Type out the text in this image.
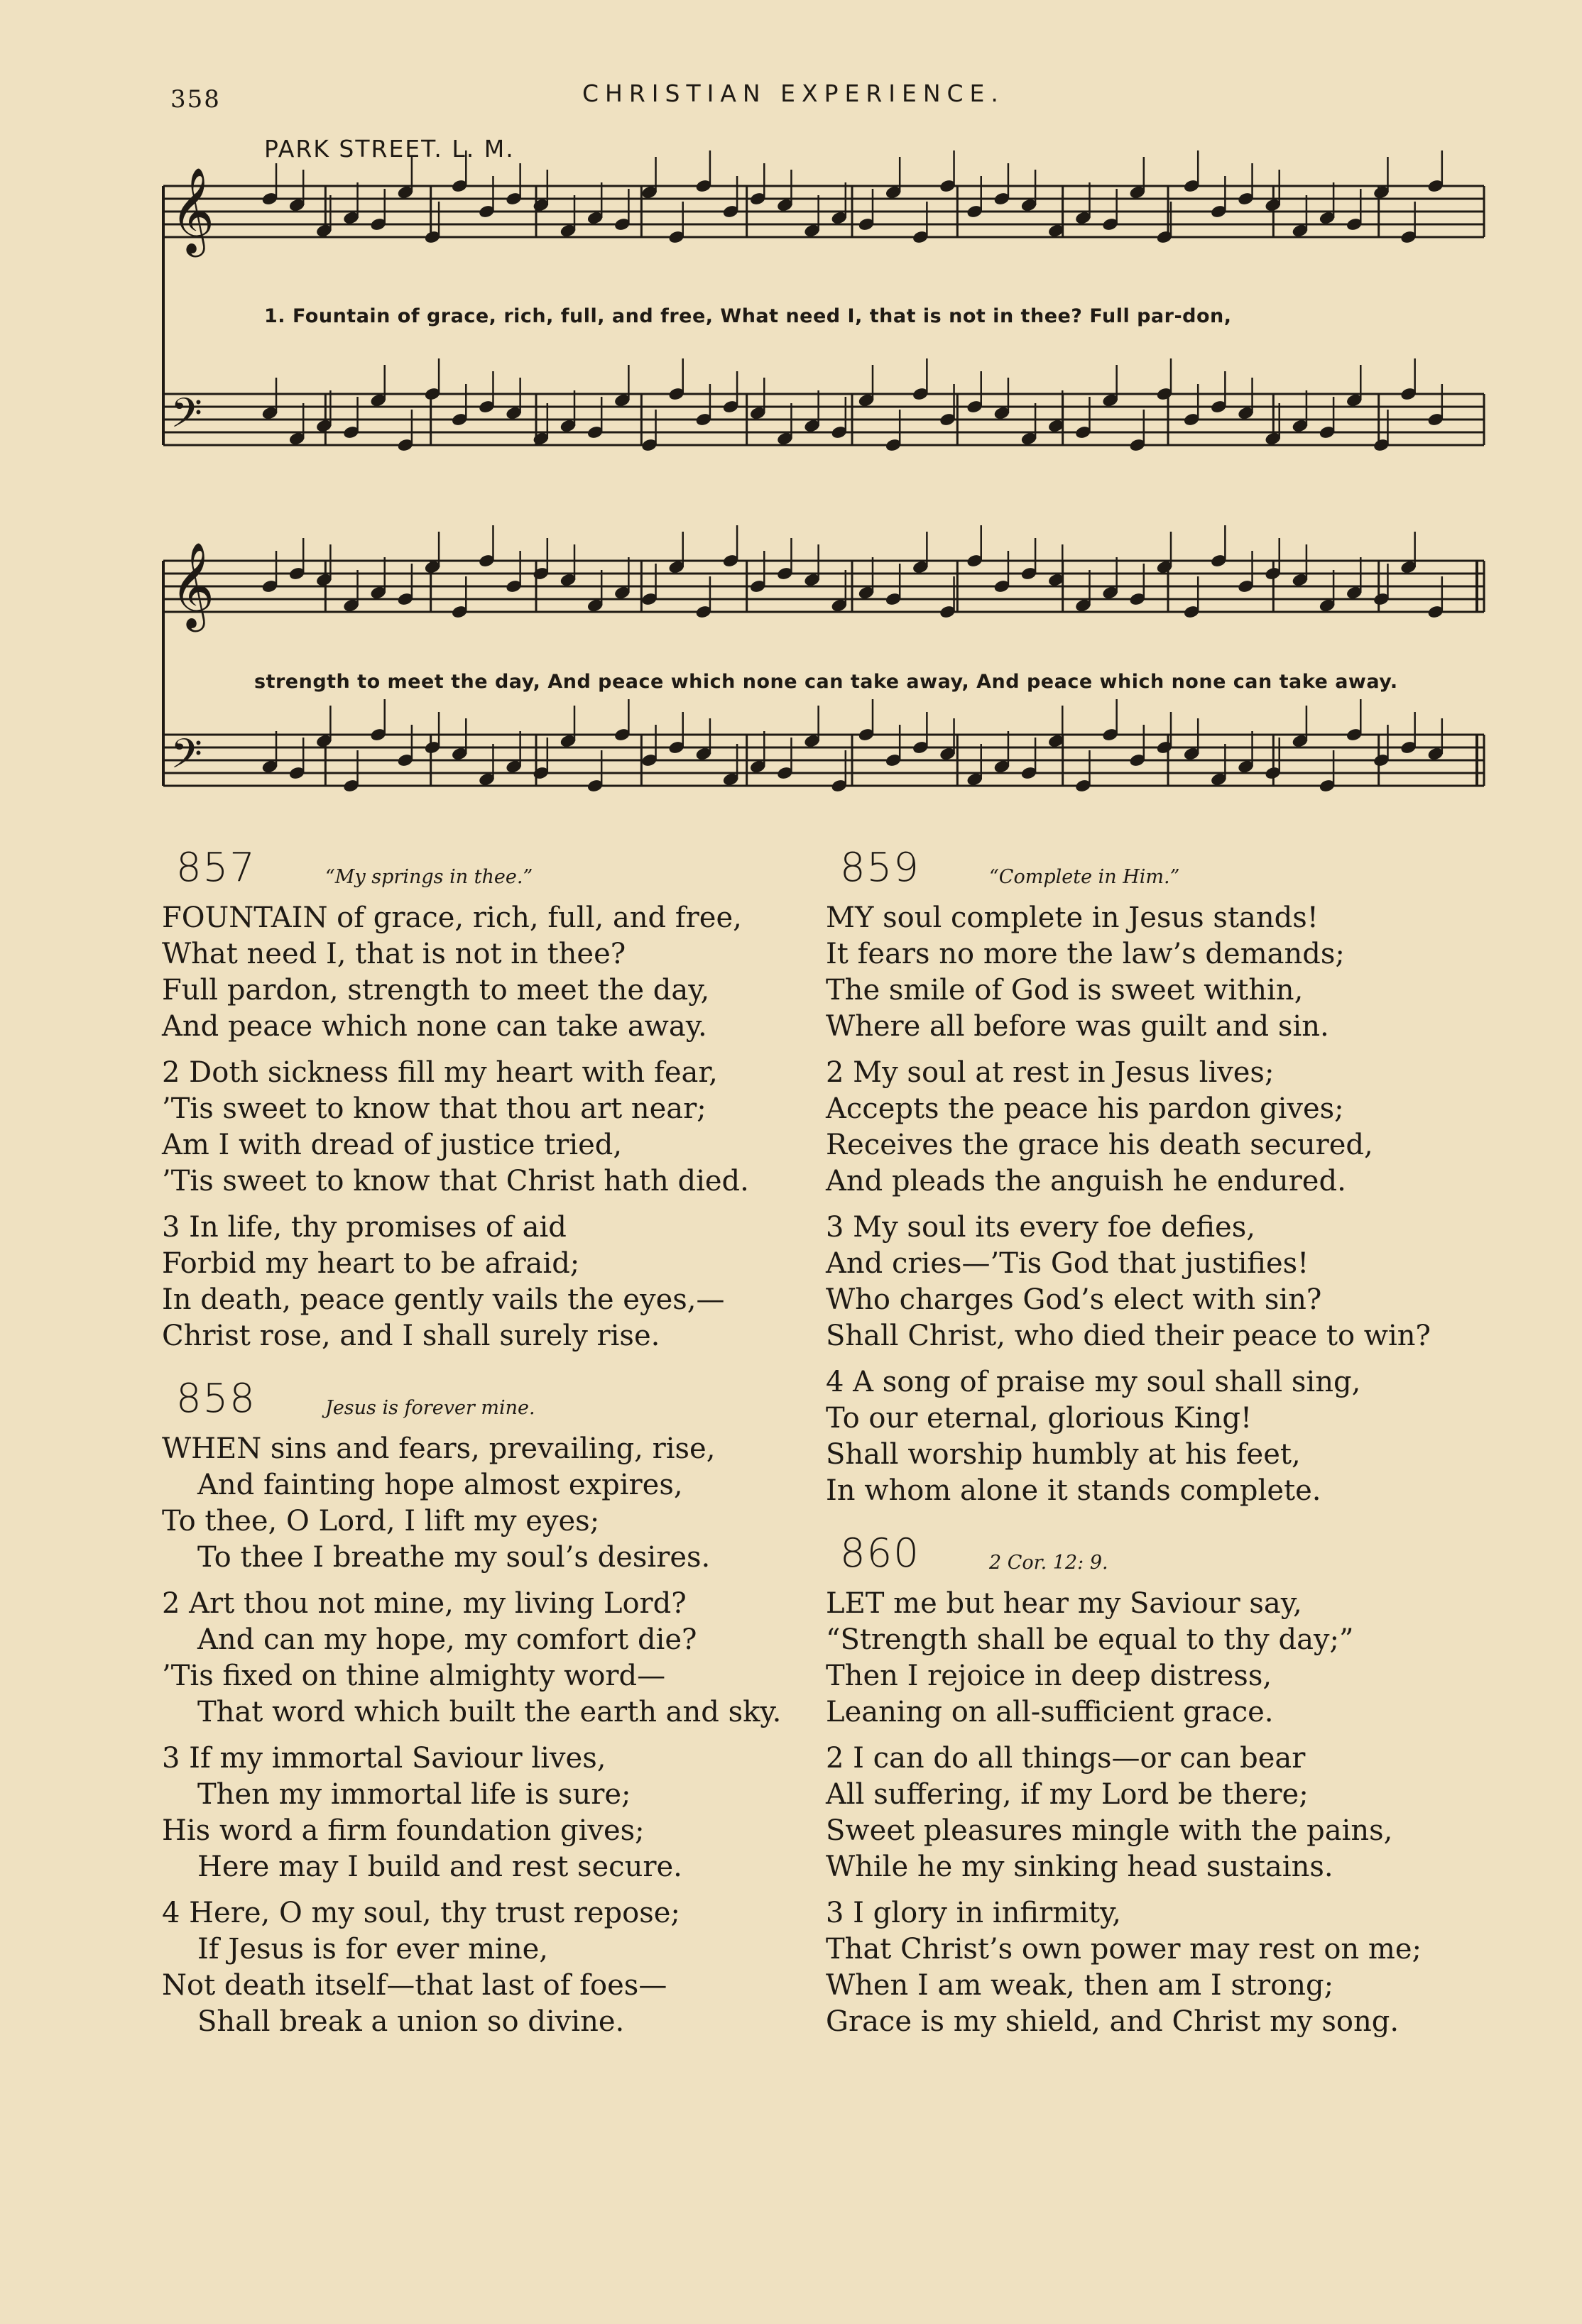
358	CHRISTIAN EXPERIENCE.
PARK STREET. L. M.
𝄞
𝄢
𝄞
𝄢
1. Fountain of grace, rich, full, and free, What need I, that is not in thee? Full par-don,
strength to meet the day, And peace which none can take away, And peace which none can take away.
857	“My springs in thee.”
FOUNTAIN of grace, rich, full, and free,
What need I, that is not in thee?
Full pardon, strength to meet the day,
And peace which none can take away.
2 Doth sickness fill my heart with fear,
’Tis sweet to know that thou art near;
Am I with dread of justice tried,
’Tis sweet to know that Christ hath died.
3 In life, thy promises of aid
Forbid my heart to be afraid;
In death, peace gently vails the eyes,—
Christ rose, and I shall surely rise.
858	Jesus is forever mine.
WHEN sins and fears, prevailing, rise,
And fainting hope almost expires,
To thee, O Lord, I lift my eyes;
To thee I breathe my soul’s desires.
2 Art thou not mine, my living Lord?
And can my hope, my comfort die?
’Tis fixed on thine almighty word—
That word which built the earth and sky.
3 If my immortal Saviour lives,
Then my immortal life is sure;
His word a firm foundation gives;
Here may I build and rest secure.
4 Here, O my soul, thy trust repose;
If Jesus is for ever mine,
Not death itself—that last of foes—
Shall break a union so divine.
859	“Complete in Him.”
MY soul complete in Jesus stands!
It fears no more the law’s demands;
The smile of God is sweet within,
Where all before was guilt and sin.
2 My soul at rest in Jesus lives;
Accepts the peace his pardon gives;
Receives the grace his death secured,
And pleads the anguish he endured.
3 My soul its every foe defies,
And cries—’Tis God that justifies!
Who charges God’s elect with sin?
Shall Christ, who died their peace to win?
4 A song of praise my soul shall sing,
To our eternal, glorious King!
Shall worship humbly at his feet,
In whom alone it stands complete.
860	2 Cor. 12: 9.
LET me but hear my Saviour say,
“Strength shall be equal to thy day;”
Then I rejoice in deep distress,
Leaning on all-sufficient grace.
2 I can do all things—or can bear
All suffering, if my Lord be there;
Sweet pleasures mingle with the pains,
While he my sinking head sustains.
3 I glory in infirmity,
That Christ’s own power may rest on me;
When I am weak, then am I strong;
Grace is my shield, and Christ my song.
